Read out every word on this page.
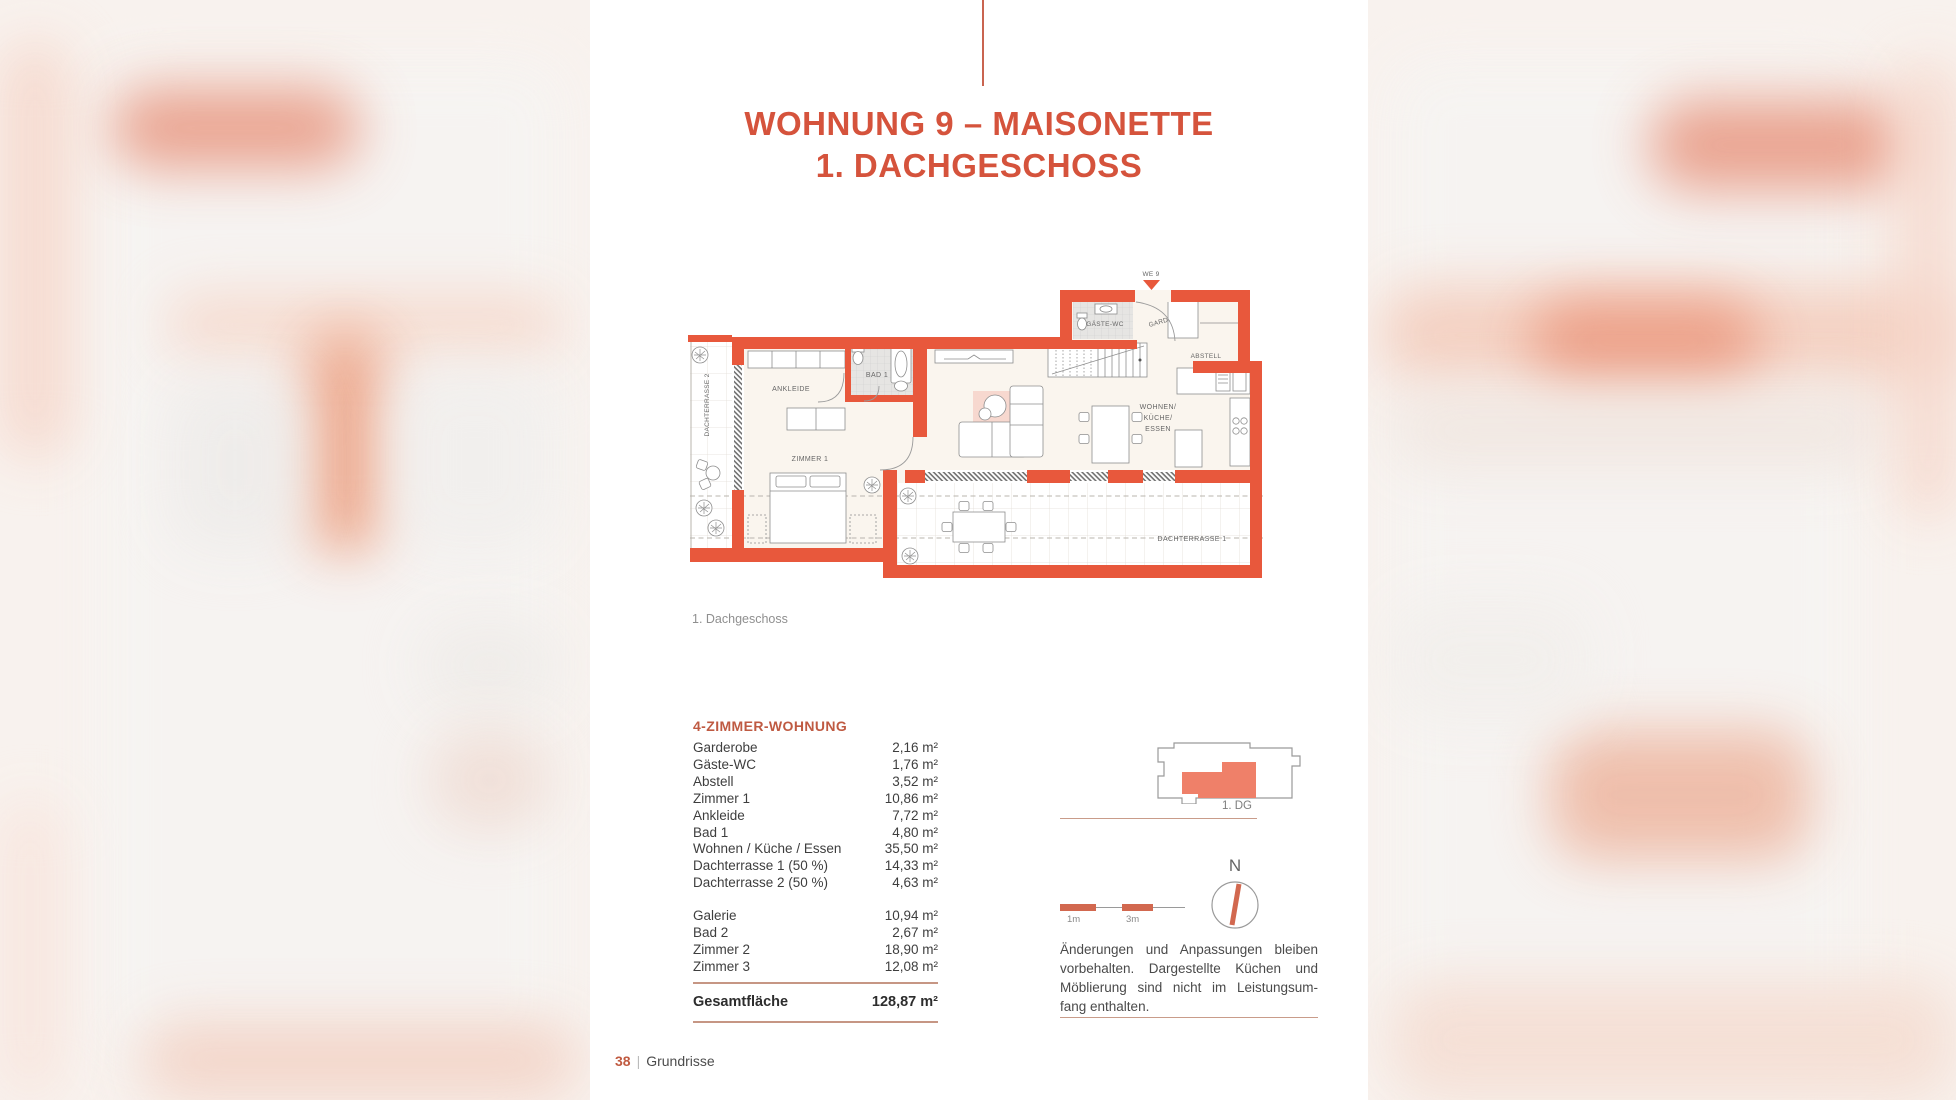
WOHNUNG 9 – MAISONETTE
1. DACHGESCHOSS
WE 9
DACHTERRASSE 2	ANKLEIDE
BAD 1
ZIMMER 1
GÄSTE-WC	GARD.
ABSTELL
WOHNEN/
KÜCHE/
ESSEN
DACHTERRASSE 1
1. Dachgeschoss
4-ZIMMER-WOHNUNG
Garderobe	2,16 m²
Gäste-WC	1,76 m²
Abstell	3,52 m²
Zimmer 1	10,86 m²
Ankleide	7,72 m²
Bad 1	4,80 m²
Wohnen / Küche / Essen	35,50 m²
Dachterrasse 1 (50 %)	14,33 m²
Dachterrasse 2 (50 %)	4,63 m²
Galerie	10,94 m²
Bad 2	2,67 m²
Zimmer 2	18,90 m²
Zimmer 3	12,08 m²
Gesamtfläche	128,87 m²
1. DG
1m	3m
N
Änderungen und Anpassungen bleiben
vorbehalten. Dargestellte Küchen und
Möblierung sind nicht im Leistungsum-
fang enthalten.
38 | Grundrisse
